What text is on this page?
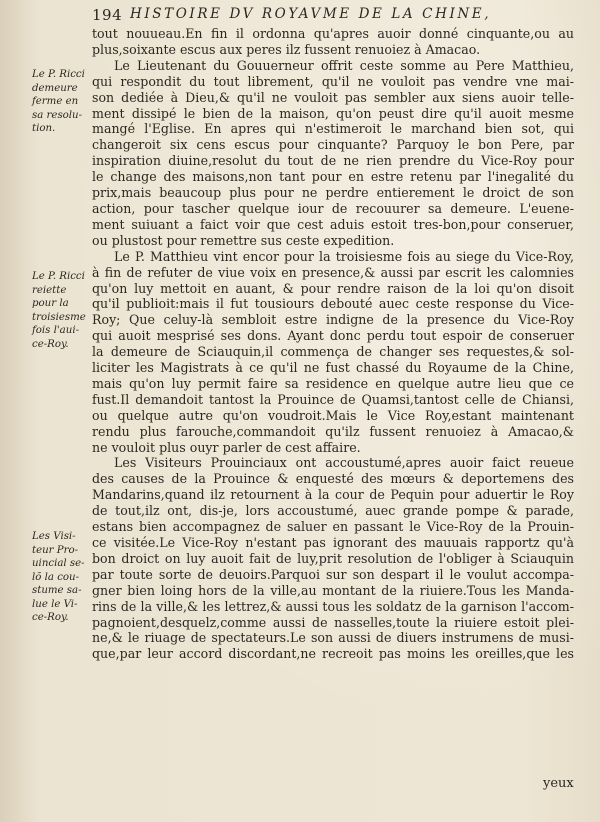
194 HISTOIRE DV ROYAVME DE LA CHINE,
Le P. Ricci
demeure
ferme en
sa resolu-
tion.
Le P. Ricci
reiette
pour la
troisiesme
fois l'aui-
ce-Roy.
Les Visi-
teur Pro-
uincial se-
lõ la cou-
stume sa-
lue le Vi-
ce-Roy.

tout nouueau.En fin il ordonna qu'apres auoir donné cinquante,ou au
plus,soixante escus aux peres ilz fussent renuoiez à Amacao.

Le Lieutenant du Gouuerneur offrit ceste somme au Pere Matthieu,
qui respondit du tout librement, qu'il ne vouloit pas vendre vne mai-
son dediée à Dieu,& qu'il ne vouloit pas sembler aux siens auoir telle-
ment dissipé le bien de la maison, qu'on peust dire qu'il auoit mesme
mangé l'Eglise. En apres qui n'estimeroit le marchand bien sot, qui
changeroit six cens escus pour cinquante? Parquoy le bon Pere, par
inspiration diuine,resolut du tout de ne rien prendre du Vice-Roy pour
le change des maisons,non tant pour en estre retenu par l'inegalité du
prix,mais beaucoup plus pour ne perdre entierement le droict de son
action, pour tascher quelque iour de recouurer sa demeure. L'euene-
ment suiuant a faict voir que cest aduis estoit tres-bon,pour conseruer,
ou plustost pour remettre sus ceste expedition.

Le P. Matthieu vint encor pour la troisiesme fois au siege du Vice-Roy,
à fin de refuter de viue voix en presence,& aussi par escrit les calomnies
qu'on luy mettoit en auant, & pour rendre raison de la loi qu'on disoit
qu'il publioit:mais il fut tousiours debouté auec ceste response du Vice-
Roy; Que celuy-là sembloit estre indigne de la presence du Vice-Roy
qui auoit mesprisé ses dons. Ayant donc perdu tout espoir de conseruer
la demeure de Sciauquin,il commença de changer ses requestes,& sol-
liciter les Magistrats à ce qu'il ne fust chassé du Royaume de la Chine,
mais qu'on luy permit faire sa residence en quelque autre lieu que ce
fust.Il demandoit tantost la Prouince de Quamsi,tantost celle de Chiansi,
ou quelque autre qu'on voudroit.Mais le Vice Roy,estant maintenant
rendu plus farouche,commandoit qu'ilz fussent renuoiez à Amacao,&
ne vouloit plus ouyr parler de cest affaire.

Les Visiteurs Prouinciaux ont accoustumé,apres auoir faict reueue
des causes de la Prouince & enquesté des mœurs & deportemens des
Mandarins,quand ilz retournent à la cour de Pequin pour aduertir le Roy
de tout,ilz ont, dis-je, lors accoustumé, auec grande pompe & parade,
estans bien accompagnez de saluer en passant le Vice-Roy de la Prouin-
ce visitée.Le Vice-Roy n'estant pas ignorant des mauuais rapportz qu'à
bon droict on luy auoit fait de luy,prit resolution de l'obliger à Sciauquin
par toute sorte de deuoirs.Parquoi sur son despart il le voulut accompa-
gner bien loing hors de la ville,au montant de la riuiere.Tous les Manda-
rins de la ville,& les lettrez,& aussi tous les soldatz de la garnison l'accom-
pagnoient,desquelz,comme aussi de nasselles,toute la riuiere estoit plei-
ne,& le riuage de spectateurs.Le son aussi de diuers instrumens de musi-
que,par leur accord discordant,ne recreoit pas moins les oreilles,que les

yeux
